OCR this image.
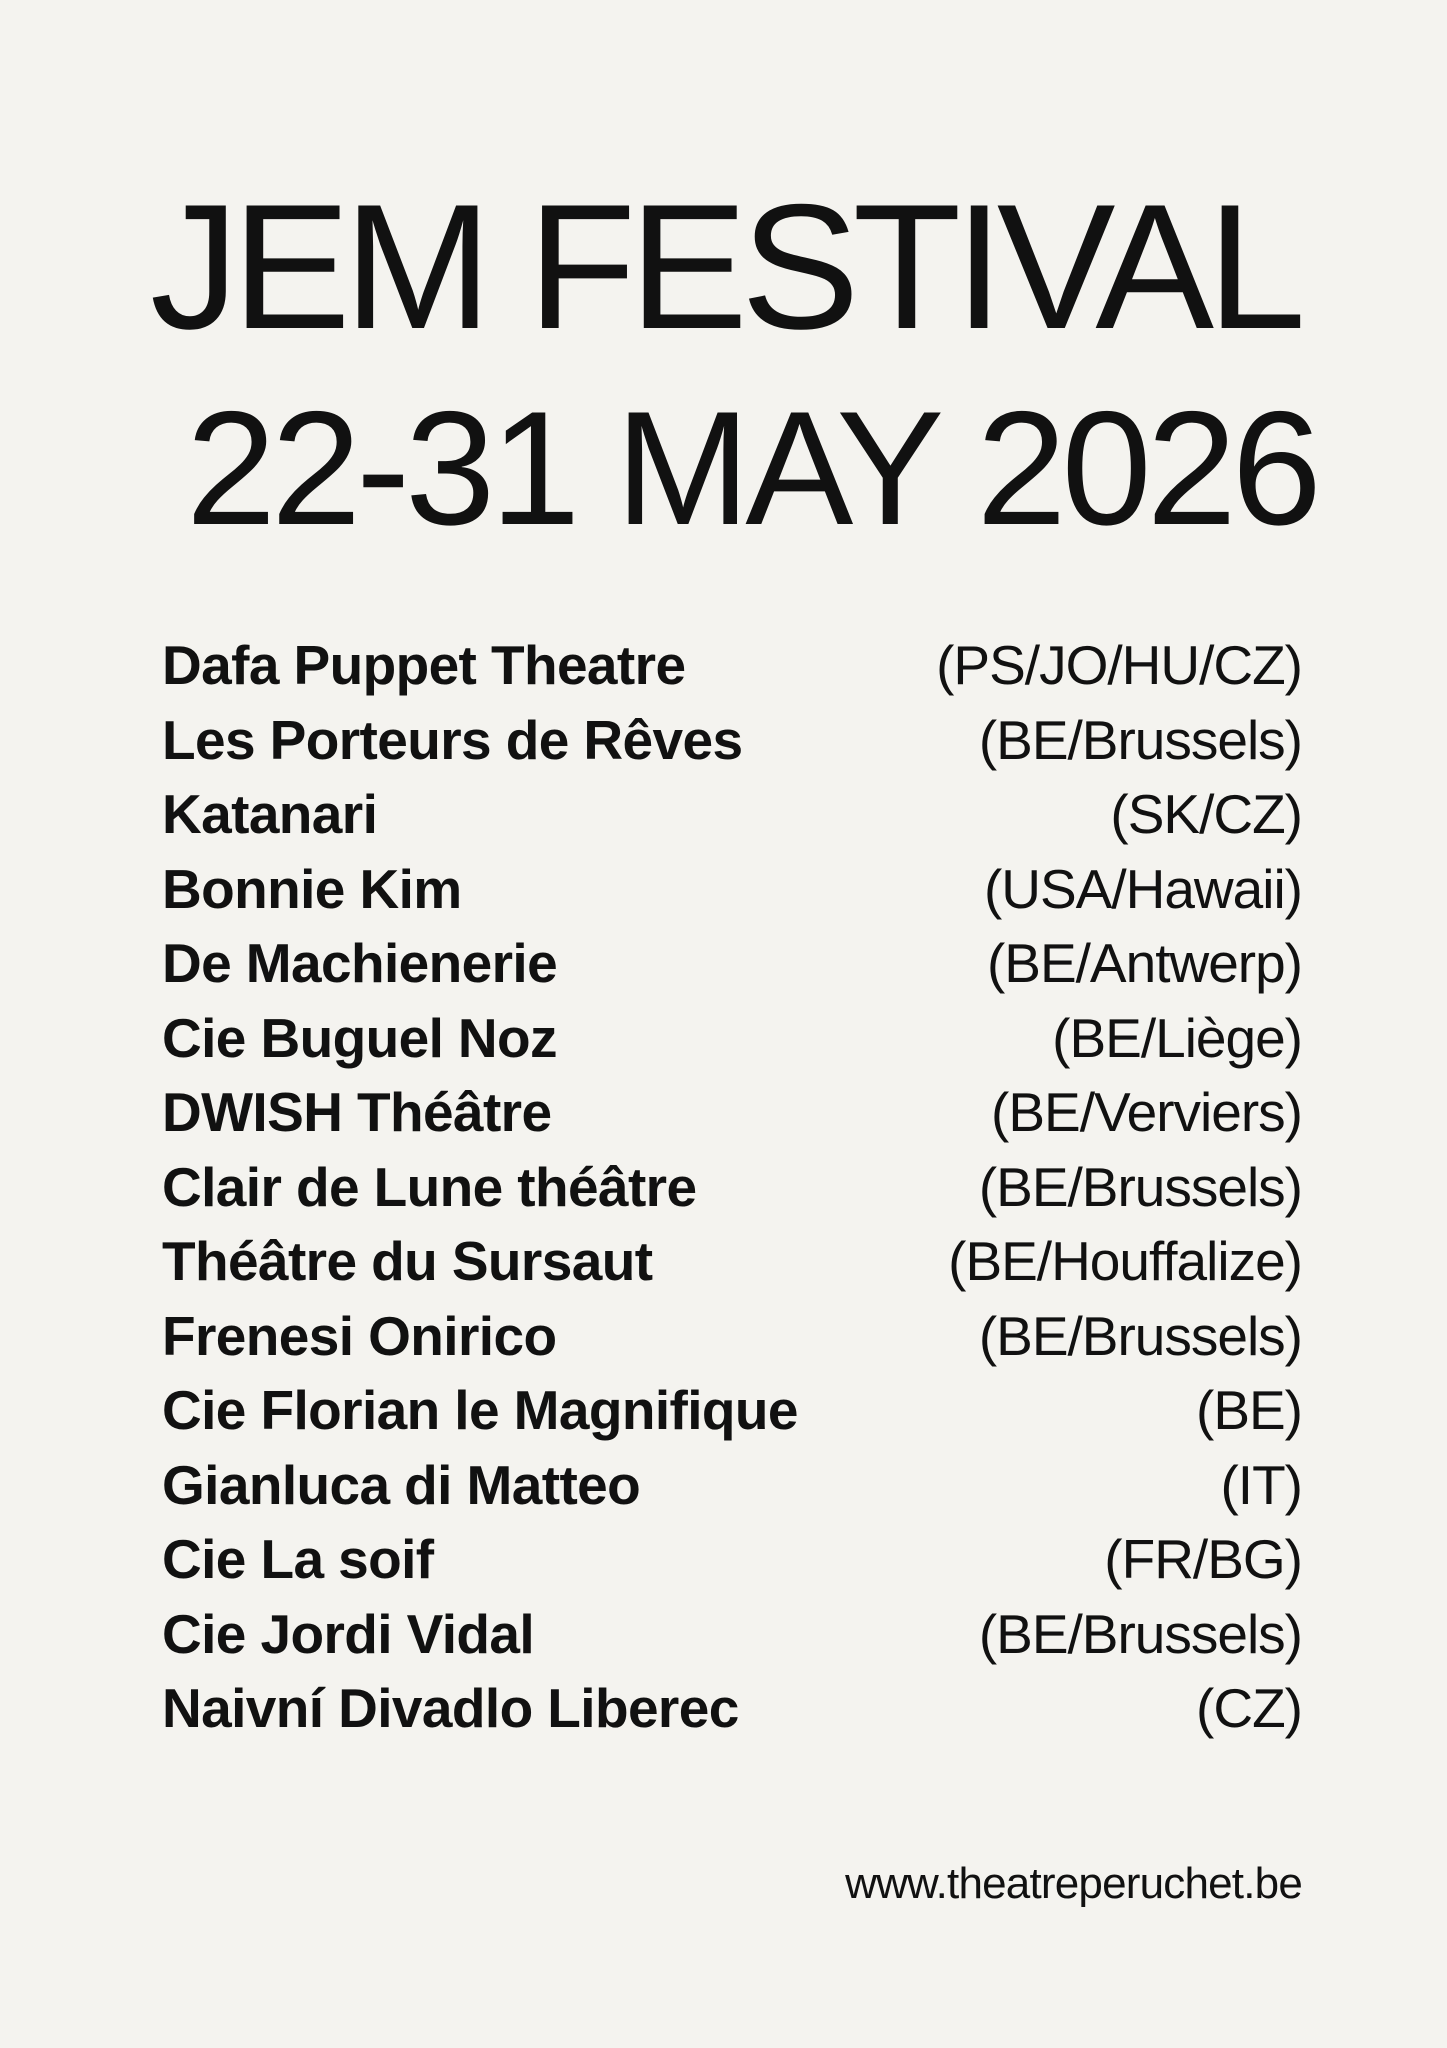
JEM FESTIVAL
22-31 MAY 2026
Dafa Puppet Theatre	(PS/JO/HU/CZ)
Les Porteurs de Rêves	(BE/Brussels)
Katanari	(SK/CZ)
Bonnie Kim	(USA/Hawaii)
De Machienerie	(BE/Antwerp)
Cie Buguel Noz	(BE/Liège)
DWISH Théâtre	(BE/Verviers)
Clair de Lune théâtre	(BE/Brussels)
Théâtre du Sursaut	(BE/Houffalize)
Frenesi Onirico	(BE/Brussels)
Cie Florian le Magnifique	(BE)
Gianluca di Matteo	(IT)
Cie La soif	(FR/BG)
Cie Jordi Vidal	(BE/Brussels)
Naivní Divadlo Liberec	(CZ)
www.theatreperuchet.be
